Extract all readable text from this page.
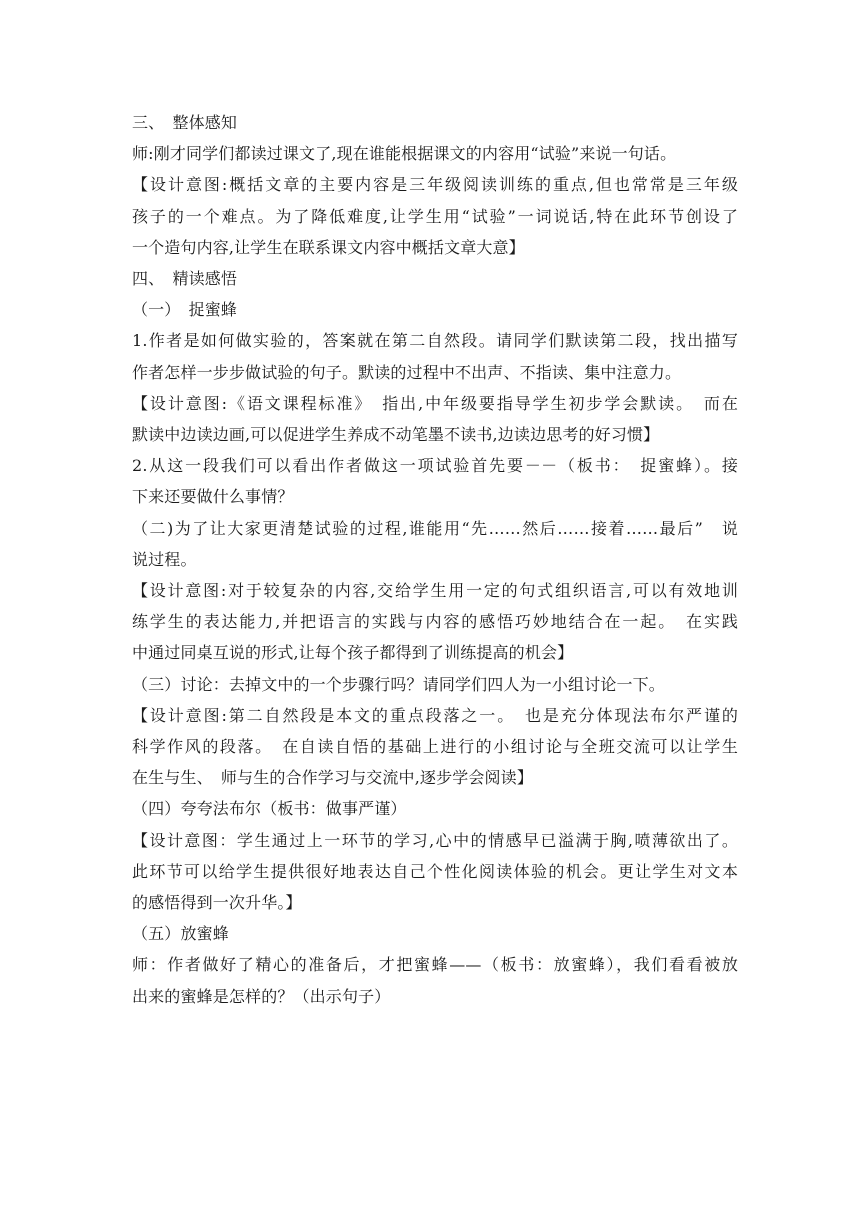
三、　整体感知
师:刚才同学们都读过课文了,现在谁能根据课文的内容用“试验”来说一句话。
【设计意图:概括文章的主要内容是三年级阅读训练的重点,但也常常是三年级
孩子的一个难点。为了降低难度,让学生用“试验”一词说话,特在此环节创设了
一个造句内容,让学生在联系课文内容中概括文章大意】
四、　精读感悟
（一）　捉蜜蜂
1.作者是如何做实验的，答案就在第二自然段。请同学们默读第二段，找出描写
作者怎样一步步做试验的句子。默读的过程中不出声、不指读、集中注意力。
【设计意图:《语文课程标准》　指出,中年级要指导学生初步学会默读。　而在
默读中边读边画,可以促进学生养成不动笔墨不读书,边读边思考的好习惯】
2.从这一段我们可以看出作者做这一项试验首先要－－（板书：　捉蜜蜂）。接
下来还要做什么事情？
（二)为了让大家更清楚试验的过程,谁能用“先……然后……接着……最后”　说
说过程。
【设计意图:对于较复杂的内容,交给学生用一定的句式组织语言,可以有效地训
练学生的表达能力,并把语言的实践与内容的感悟巧妙地结合在一起。　在实践
中通过同桌互说的形式,让每个孩子都得到了训练提高的机会】
（三）讨论：去掉文中的一个步骤行吗？请同学们四人为一小组讨论一下。
【设计意图:第二自然段是本文的重点段落之一。　也是充分体现法布尔严谨的
科学作风的段落。　在自读自悟的基础上进行的小组讨论与全班交流可以让学生
在生与生、　师与生的合作学习与交流中,逐步学会阅读】
（四）夸夸法布尔（板书：做事严谨）
【设计意图：学生通过上一环节的学习,心中的情感早已溢满于胸,喷薄欲出了。
此环节可以给学生提供很好地表达自己个性化阅读体验的机会。更让学生对文本
的感悟得到一次升华。】
（五）放蜜蜂
师：作者做好了精心的准备后，才把蜜蜂——（板书：放蜜蜂），我们看看被放
出来的蜜蜂是怎样的？（出示句子）
